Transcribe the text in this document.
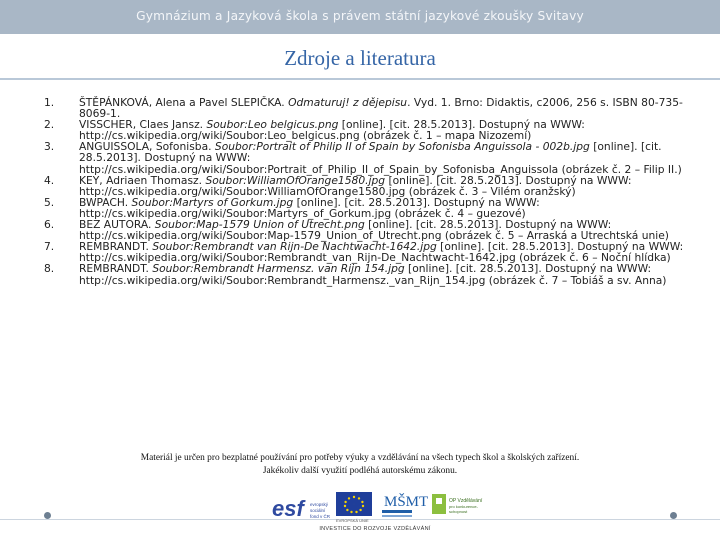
Gymnázium a Jazyková škola s právem státní jazykové zkoušky Svitavy
Zdroje a literatura
1. ŠTĚPÁNKOVÁ, Alena a Pavel SLEPIČKA. Odmaturuj! z dějepisu. Vyd. 1. Brno: Didaktis, c2006, 256 s. ISBN 80-735-8069-1.
2. VISSCHER, Claes Jansz. Soubor:Leo belgicus.png [online]. [cit. 28.5.2013]. Dostupný na WWW: http://cs.wikipedia.org/wiki/Soubor:Leo_belgicus.png (obrázek č. 1 – mapa Nizozemí)
3. ANGUISSOLA, Sofonisba. Soubor:Portrait of Philip II of Spain by Sofonisba Anguissola - 002b.jpg [online]. [cit. 28.5.2013]. Dostupný na WWW: http://cs.wikipedia.org/wiki/Soubor:Portrait_of_Philip_II_of_Spain_by_Sofonisba_Anguissola (obrázek č. 2 – Filip II.)
4. KEY, Adriaen Thomasz. Soubor:WilliamOfOrange1580.jpg [online]. [cit. 28.5.2013]. Dostupný na WWW: http://cs.wikipedia.org/wiki/Soubor:WilliamOfOrange1580.jpg (obrázek č. 3 – Vilém oranžský)
5. BWPACH. Soubor:Martyrs of Gorkum.jpg [online]. [cit. 28.5.2013]. Dostupný na WWW: http://cs.wikipedia.org/wiki/Soubor:Martyrs_of_Gorkum.jpg (obrázek č. 4 – guezové)
6. BEZ AUTORA. Soubor:Map-1579 Union of Utrecht.png [online]. [cit. 28.5.2013]. Dostupný na WWW: http://cs.wikipedia.org/wiki/Soubor:Map-1579_Union_of_Utrecht.png (obrázek č. 5 – Arraská a Utrechtská unie)
7. REMBRANDT. Soubor:Rembrandt van Rijn-De Nachtwacht-1642.jpg [online]. [cit. 28.5.2013]. Dostupný na WWW: http://cs.wikipedia.org/wiki/Soubor:Rembrandt_van_Rijn-De_Nachtwacht-1642.jpg (obrázek č. 6 – Noční hlídka)
8. REMBRANDT. Soubor:Rembrandt Harmensz. van Rijn 154.jpg [online]. [cit. 28.5.2013]. Dostupný na WWW: http://cs.wikipedia.org/wiki/Soubor:Rembrandt_Harmensz._van_Rijn_154.jpg (obrázek č. 7 – Tobiáš a sv. Anna)
Materiál je určen pro bezplatné používání pro potřeby výuky a vzdělávání na všech typech škol a školských zařízení.
Jakékoliv další využití podléhá autorskému zákonu.
esf	evropský
sociální
fond v ČR
EVROPSKÁ UNIE
MŠMT	OP Vzdělávání
pro konkurence-
schopnost
INVESTICE DO ROZVOJE VZDĚLÁVÁNÍ
